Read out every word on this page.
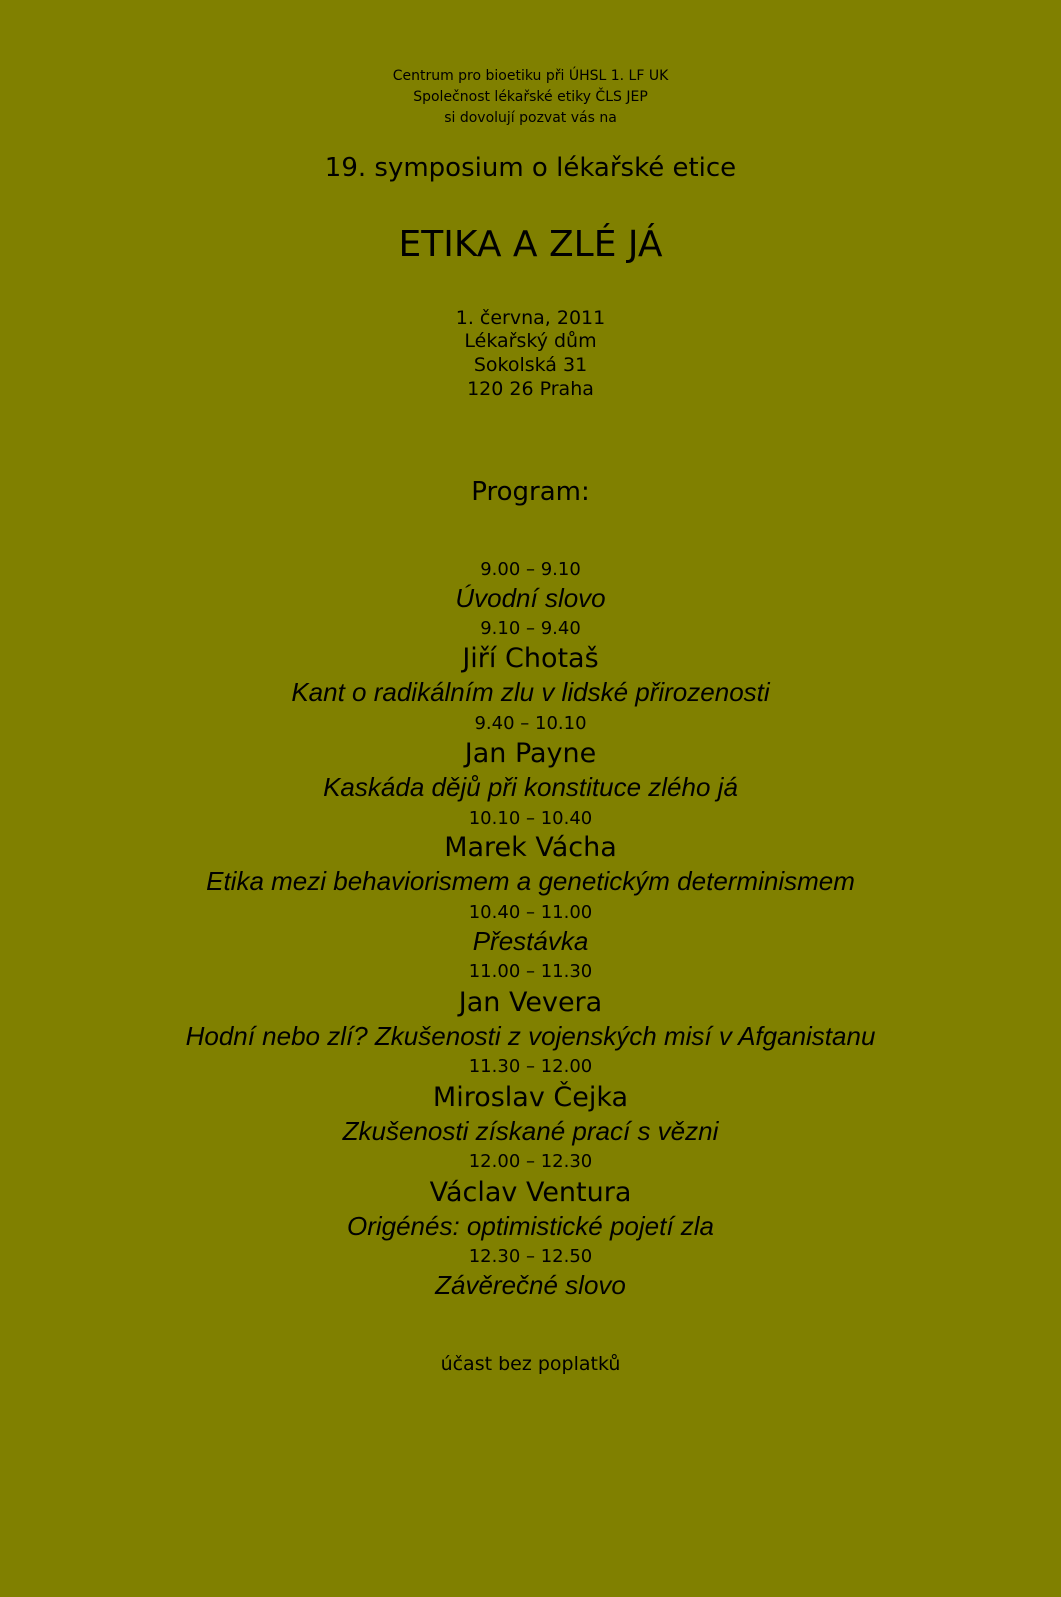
Centrum pro bioetiku při ÚHSL 1. LF UK
Společnost lékařské etiky ČLS JEP
si dovolují pozvat vás na
19. symposium o lékařské etice
ETIKA A ZLÉ JÁ
1. června, 2011
Lékařský dům
Sokolská 31
120 26 Praha
Program:
9.00 – 9.10
Úvodní slovo
9.10 – 9.40
Jiří Chotaš
Kant o radikálním zlu v lidské přirozenosti
9.40 – 10.10
Jan Payne
Kaskáda dějů při konstituce zlého já
10.10 – 10.40
Marek Vácha
Etika mezi behaviorismem a genetickým determinismem
10.40 – 11.00
Přestávka
11.00 – 11.30
Jan Vevera
Hodní nebo zlí? Zkušenosti z vojenských misí v Afganistanu
11.30 – 12.00
Miroslav Čejka
Zkušenosti získané prací s vězni
12.00 – 12.30
Václav Ventura
Origénés: optimistické pojetí zla
12.30 – 12.50
Závěrečné slovo
účast bez poplatků
